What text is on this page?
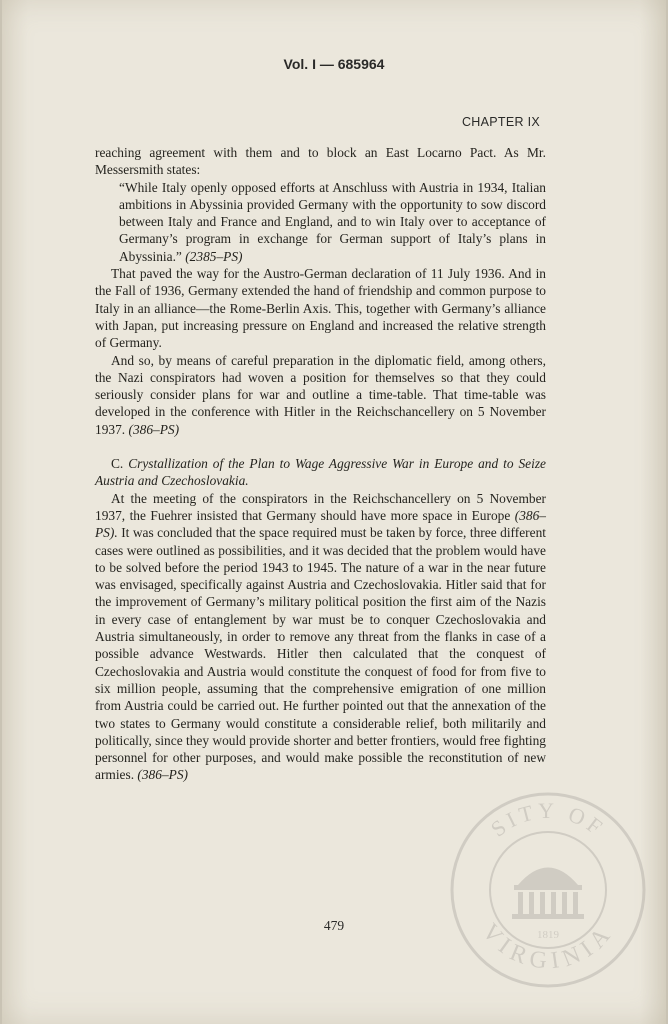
Vol. I — 685964
CHAPTER IX

reaching agreement with them and to block an East Locarno Pact. As Mr. Messersmith states:

“While Italy openly opposed efforts at Anschluss with Austria in 1934, Italian ambitions in Abyssinia provided Germany with the opportunity to sow discord between Italy and France and England, and to win Italy over to acceptance of Germany’s program in exchange for German support of Italy’s plans in Abyssinia.” (2385–PS)

That paved the way for the Austro-German declaration of 11 July 1936. And in the Fall of 1936, Germany extended the hand of friendship and common purpose to Italy in an alliance—the Rome-Berlin Axis. This, together with Germany’s alliance with Japan, put increasing pressure on England and increased the relative strength of Germany.

And so, by means of careful preparation in the diplomatic field, among others, the Nazi conspirators had woven a position for themselves so that they could seriously consider plans for war and outline a time-table. That time-table was developed in the conference with Hitler in the Reichschancellery on 5 November 1937. (386–PS)

C. Crystallization of the Plan to Wage Aggressive War in Europe and to Seize Austria and Czechoslovakia.

At the meeting of the conspirators in the Reichschancellery on 5 November 1937, the Fuehrer insisted that Germany should have more space in Europe (386–PS). It was concluded that the space required must be taken by force, three different cases were outlined as possibilities, and it was decided that the problem would have to be solved before the period 1943 to 1945. The nature of a war in the near future was envisaged, specifically against Austria and Czechoslovakia. Hitler said that for the improvement of Germany’s military political position the first aim of the Nazis in every case of entanglement by war must be to conquer Czechoslovakia and Austria simultaneously, in order to remove any threat from the flanks in case of a possible advance Westwards. Hitler then calculated that the conquest of Czechoslovakia and Austria would constitute the conquest of food for from five to six million people, assuming that the comprehensive emigration of one million from Austria could be carried out. He further pointed out that the annexation of the two states to Germany would constitute a considerable relief, both militarily and politically, since they would provide shorter and better frontiers, would free fighting personnel for other purposes, and would make possible the reconstitution of new armies. (386–PS)

479
SITY OF
VIRGINIA
1819
